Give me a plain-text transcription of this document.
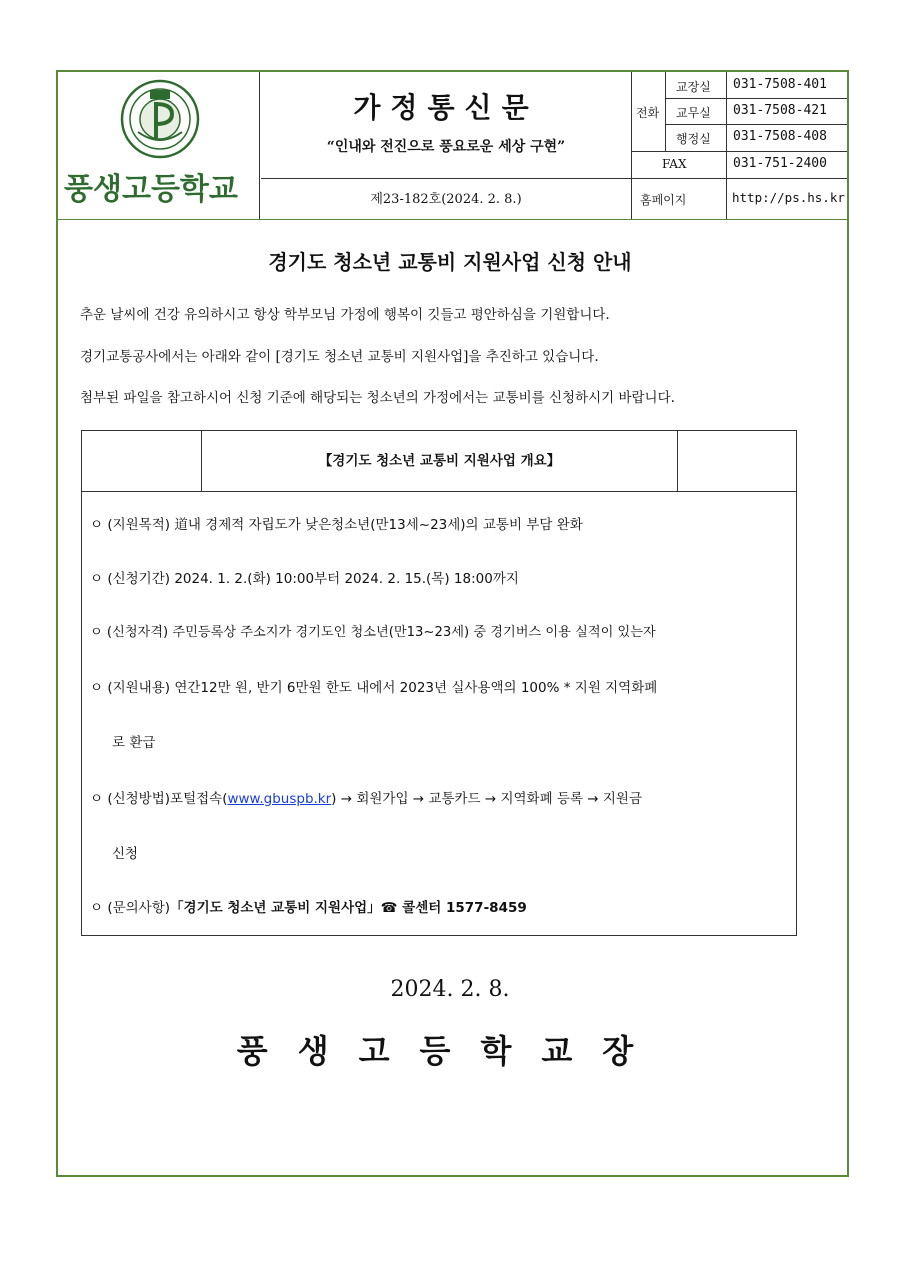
풍생고등학교
가정통신문
“인내와 전진으로 풍요로운 세상 구현”
제23-182호(2024. 2. 8.)
전화
교장실 031-7508-401
교무실 031-7508-421
행정실 031-7508-408
FAX	031-751-2400
홈페이지	http://ps.hs.kr
경기도 청소년 교통비 지원사업 신청 안내
추운 날씨에 건강 유의하시고 항상 학부모님 가정에 행복이 깃들고 평안하심을 기원합니다.
경기교통공사에서는 아래와 같이 [경기도 청소년 교통비 지원사업]을 추진하고 있습니다.
첨부된 파일을 참고하시어 신청 기준에 해당되는 청소년의 가정에서는 교통비를 신청하시기 바랍니다.
【경기도 청소년 교통비 지원사업 개요】
ㅇ (지원목적) 道내 경제적 자립도가 낮은청소년(만13세~23세)의 교통비 부담 완화
ㅇ (신청기간) 2024. 1. 2.(화) 10:00부터 2024. 2. 15.(목) 18:00까지
ㅇ (신청자격) 주민등록상 주소지가 경기도인 청소년(만13~23세) 중 경기버스 이용 실적이 있는자
ㅇ (지원내용) 연간12만 원, 반기 6만원 한도 내에서 2023년 실사용액의 100% * 지원 지역화폐
로 환급
ㅇ (신청방법)포털접속(www.gbuspb.kr) → 회원가입 → 교통카드 → 지역화폐 등록 → 지원금
신청
ㅇ (문의사항)「경기도 청소년 교통비 지원사업」☎ 콜센터 1577-8459
2024. 2. 8.
풍생고등학교장
